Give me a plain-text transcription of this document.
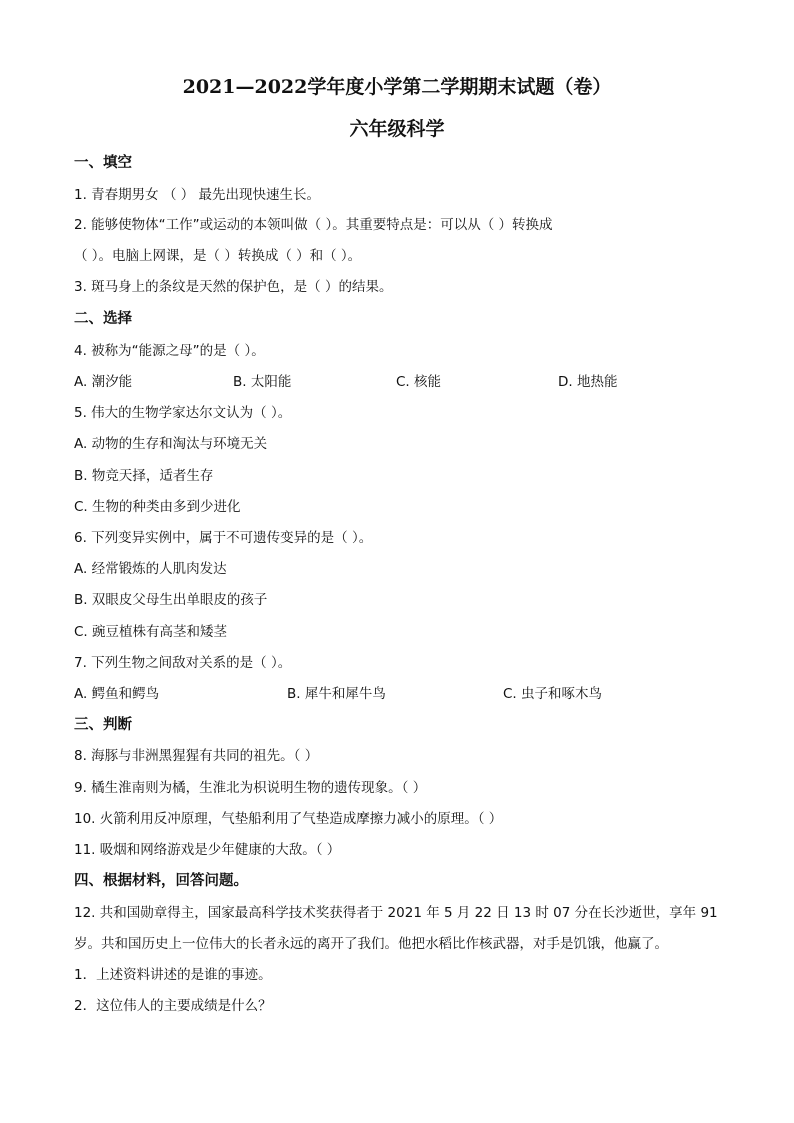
2021—2022学年度小学第二学期期末试题（卷）
六年级科学
一、填空
1. 青春期男女 （ ） 最先出现快速生长。
2. 能够使物体“工作”或运动的本领叫做（ ）。其重要特点是：可以从（ ）转换成
（ ）。电脑上网课，是（ ）转换成（ ）和（ ）。
3. 斑马身上的条纹是天然的保护色，是（ ）的结果。
二、选择
4. 被称为“能源之母”的是（ ）。
A. 潮汐能	B. 太阳能	C. 核能	D. 地热能
5. 伟大的生物学家达尔文认为（ ）。
A. 动物的生存和淘汰与环境无关
B. 物竞天择，适者生存
C. 生物的种类由多到少进化
6. 下列变异实例中，属于不可遗传变异的是（ ）。
A. 经常锻炼的人肌肉发达
B. 双眼皮父母生出单眼皮的孩子
C. 豌豆植株有高茎和矮茎
7. 下列生物之间敌对关系的是（ ）。
A. 鳄鱼和鳄鸟	B. 犀牛和犀牛鸟	C. 虫子和啄木鸟
三、判断
8. 海豚与非洲黑猩猩有共同的祖先。（ ）
9. 橘生淮南则为橘，生淮北为枳说明生物的遗传现象。（ ）
10. 火箭利用反冲原理，气垫船利用了气垫造成摩擦力减小的原理。（ ）
11. 吸烟和网络游戏是少年健康的大敌。（ ）
四、根据材料，回答问题。
12. 共和国勋章得主，国家最高科学技术奖获得者于 2021 年 5 月 22 日 13 时 07 分在长沙逝世，享年 91
岁。共和国历史上一位伟大的长者永远的离开了我们。他把水稻比作核武器，对手是饥饿，他赢了。
1．上述资料讲述的是谁的事迹。
2．这位伟人的主要成绩是什么？
